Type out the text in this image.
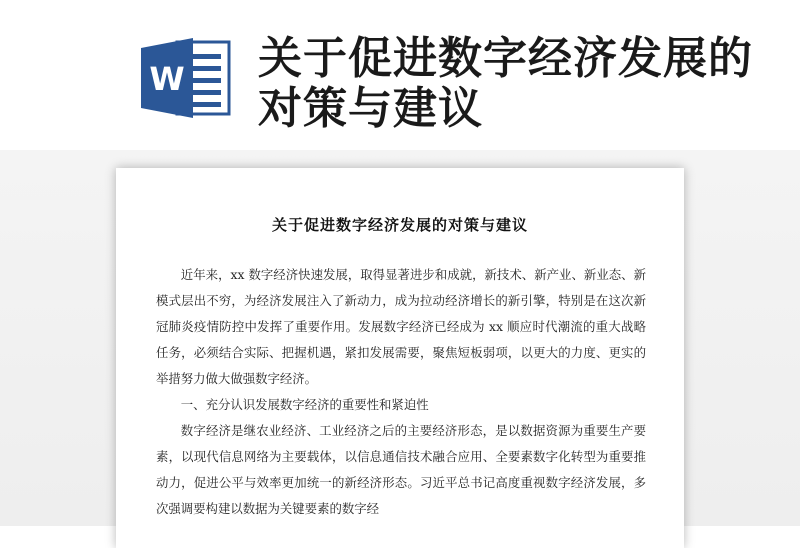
W 关于促进数字经济发展的对策与建议
关于促进数字经济发展的对策与建议

近年来，xx 数字经济快速发展，取得显著进步和成就，新技术、新产业、新业态、新模式层出不穷，为经济发展注入了新动力，成为拉动经济增长的新引擎，特别是在这次新冠肺炎疫情防控中发挥了重要作用。发展数字经济已经成为 xx 顺应时代潮流的重大战略任务，必须结合实际、把握机遇，紧扣发展需要，聚焦短板弱项，以更大的力度、更实的举措努力做大做强数字经济。

一、充分认识发展数字经济的重要性和紧迫性

数字经济是继农业经济、工业经济之后的主要经济形态，是以数据资源为重要生产要素，以现代信息网络为主要载体，以信息通信技术融合应用、全要素数字化转型为重要推动力，促进公平与效率更加统一的新经济形态。习近平总书记高度重视数字经济发展，多次强调要构建以数据为关键要素的数字经
